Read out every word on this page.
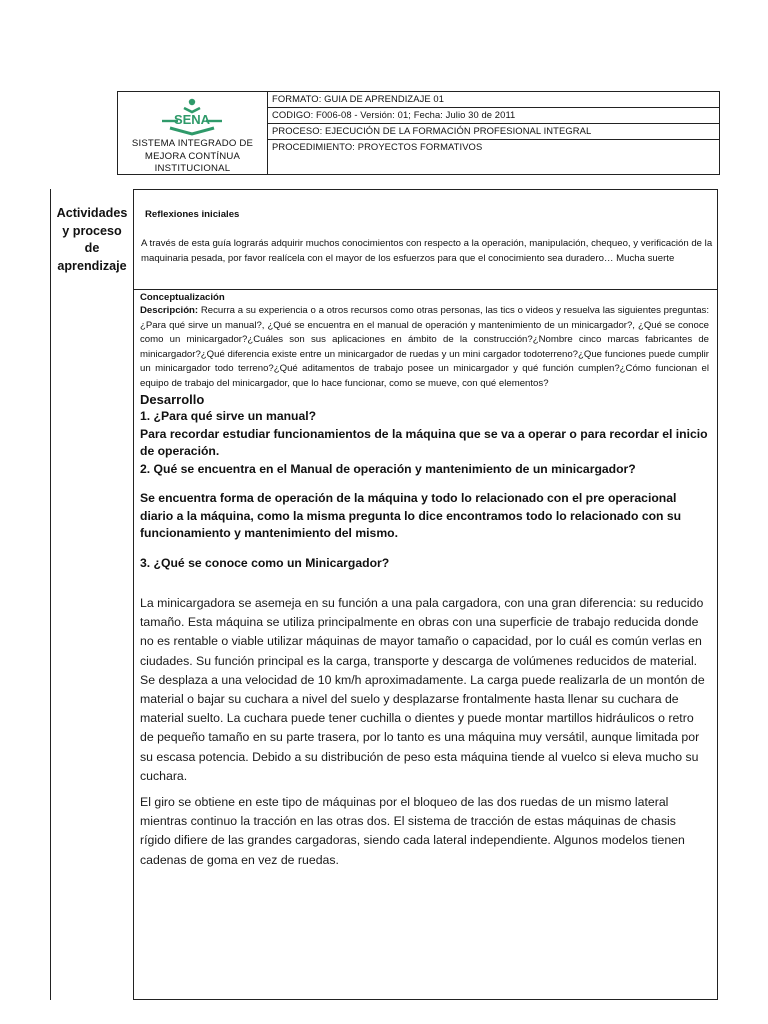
SENA
SISTEMA INTEGRADO DE
MEJORA CONTÍNUA
INSTITUCIONAL
FORMATO: GUIA DE APRENDIZAJE 01
CODIGO: F006-08 - Versión: 01; Fecha: Julio 30 de 2011
PROCESO: EJECUCIÓN DE LA FORMACIÓN PROFESIONAL INTEGRAL
PROCEDIMIENTO: PROYECTOS FORMATIVOS
Actividades
y proceso
de
aprendizaje
Reflexiones iniciales
A través de esta guía lograrás adquirir muchos conocimientos con respecto a la operación, manipulación, chequeo, y verificación de la maquinaria pesada, por favor realícela con el mayor de los esfuerzos para que el conocimiento sea duradero… Mucha suerte
Conceptualización
Descripción: Recurra a su experiencia o a otros recursos como otras personas, las tics o videos y resuelva las siguientes preguntas: ¿Para qué sirve un manual?, ¿Qué se encuentra en el manual de operación y mantenimiento de un minicargador?, ¿Qué se conoce como un minicargador?¿Cuáles son sus aplicaciones en ámbito de la construcción?¿Nombre cinco marcas fabricantes de minicargador?¿Qué diferencia existe entre un minicargador de ruedas y un mini cargador todoterreno?¿Que funciones puede cumplir un minicargador todo terreno?¿Qué aditamentos de trabajo posee un minicargador y qué función cumplen?¿Cómo funcionan el equipo de trabajo del minicargador, que lo hace funcionar, como se mueve, con qué elementos?
Desarrollo
1. ¿Para qué sirve un manual?
Para recordar estudiar funcionamientos de la máquina que se va a operar o para recordar el inicio de operación.
2. Qué se encuentra en el Manual de operación y mantenimiento de un minicargador?
Se encuentra forma de operación de la máquina y todo lo relacionado con el pre operacional diario a la máquina, como la misma pregunta lo dice encontramos todo lo relacionado con su funcionamiento y mantenimiento del mismo.
3. ¿Qué se conoce como un Minicargador?
La minicargadora se asemeja en su función a una pala cargadora, con una gran diferencia: su reducido tamaño. Esta máquina se utiliza principalmente en obras con una superficie de trabajo reducida donde no es rentable o viable utilizar máquinas de mayor tamaño o capacidad, por lo cuál es común verlas en ciudades. Su función principal es la carga, transporte y descarga de volúmenes reducidos de material. Se desplaza a una velocidad de 10 km/h aproximadamente. La carga puede realizarla de un montón de material o bajar su cuchara a nivel del suelo y desplazarse frontalmente hasta llenar su cuchara de material suelto. La cuchara puede tener cuchilla o dientes y puede montar martillos hidráulicos o retro de pequeño tamaño en su parte trasera, por lo tanto es una máquina muy versátil, aunque limitada por su escasa potencia. Debido a su distribución de peso esta máquina tiende al vuelco si eleva mucho su cuchara.
El giro se obtiene en este tipo de máquinas por el bloqueo de las dos ruedas de un mismo lateral mientras continuo la tracción en las otras dos. El sistema de tracción de estas máquinas de chasis rígido difiere de las grandes cargadoras, siendo cada lateral independiente. Algunos modelos tienen cadenas de goma en vez de ruedas.
